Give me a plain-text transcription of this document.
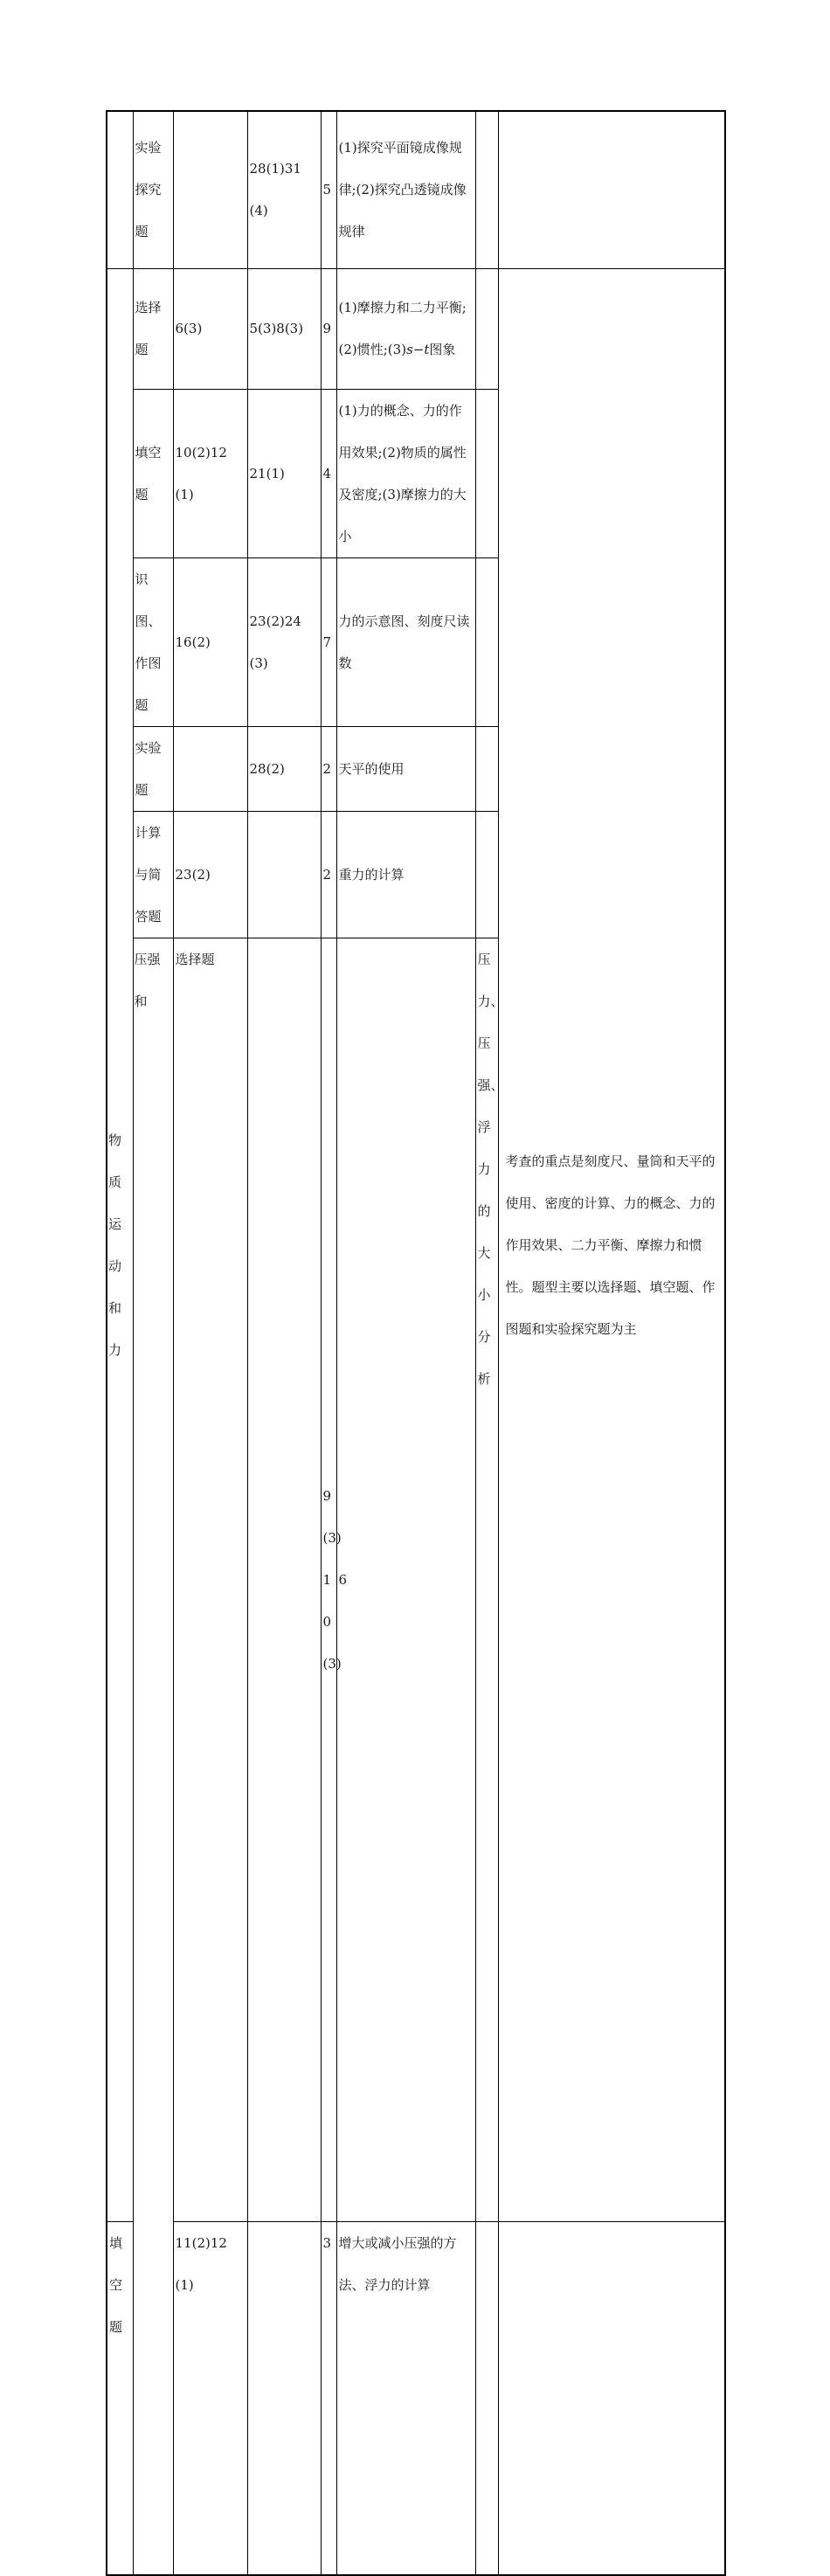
	实验探究题		28(1)31(4)	5	(1)探究平面镜成像规律;(2)探究凸透镜成像规律			
物质运动和力	选择题	6(3)	5(3)8(3)	9	(1)摩擦力和二力平衡;(2)惯性;(3)s−t图象		考查的重点是刻度尺、量筒和天平的使用、密度的计算、力的概念、力的作用效果、二力平衡、摩擦力和惯性。题型主要以选择题、填空题、作图题和实验探究题为主	
	填空题	10(2)12(1)	21(1)	4	(1)力的概念、力的作用效果;(2)物质的属性及密度;(3)摩擦力的大小			
	识图、作图题	16(2)	23(2)24(3)	7	力的示意图、刻度尺读数			
	实验题		28(2)	2	天平的使用			
	计算与简答题	23(2)		2	重力的计算			
	压强和	选择题		9(3)10(3)	6	压力、压强、浮力的大小分析		
填空题		11(2)12(1)		3	增大或减小压强的方法、浮力的计算			
